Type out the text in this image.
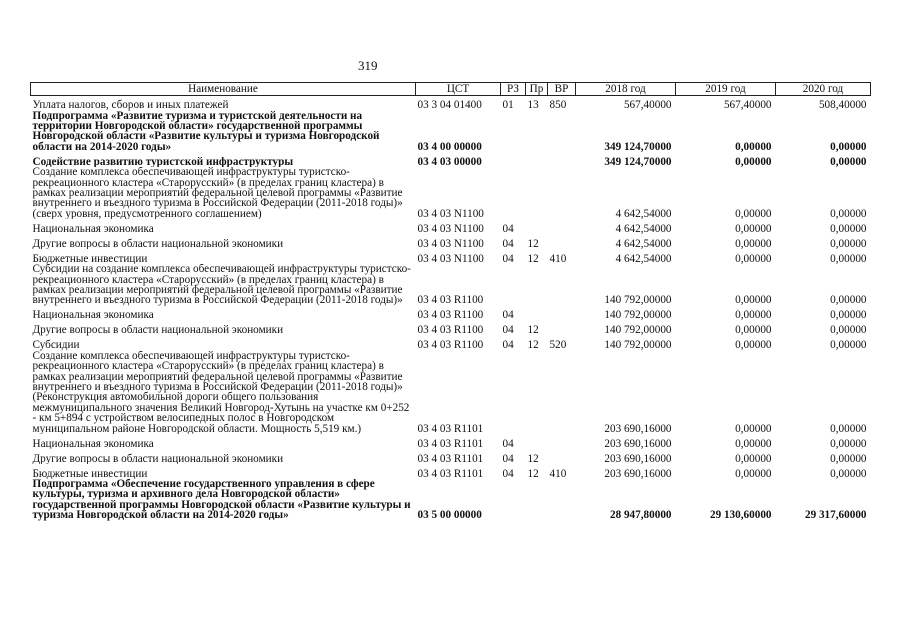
319
Наименование	ЦСТ	РЗ	Пр	ВР	2018 год	2019 год	2020 год
Уплата налогов, сборов и иных платежей	03 3 04 01400	01	13	850	567,40000	567,40000	508,40000
Подпрограмма «Развитие туризма и туристской деятельности на территории Новгородской области» государственной программы Новгородской области «Развитие культуры и туризма Новгородской области на 2014-2020 годы»	03 4 00 00000				349 124,70000	0,00000	0,00000
Содействие развитию туристской инфраструктуры	03 4 03 00000				349 124,70000	0,00000	0,00000
Создание комплекса обеспечивающей инфраструктуры туристско-рекреационного кластера «Старорусский» (в пределах границ кластера) в рамках реализации мероприятий федеральной целевой программы «Развитие внутреннего и въездного туризма в Российской Федерации (2011-2018 годы)» (сверх уровня, предусмотренного соглашением)	03 4 03 N1100				4 642,54000	0,00000	0,00000
Национальная экономика	03 4 03 N1100	04			4 642,54000	0,00000	0,00000
Другие вопросы в области национальной экономики	03 4 03 N1100	04	12		4 642,54000	0,00000	0,00000
Бюджетные инвестиции	03 4 03 N1100	04	12	410	4 642,54000	0,00000	0,00000
Субсидии на создание комплекса обеспечивающей инфраструктуры туристско-рекреационного кластера «Старорусский» (в пределах границ кластера) в рамках реализации мероприятий федеральной целевой программы «Развитие внутреннего и въездного туризма в Российской Федерации (2011-2018 годы)»	03 4 03 R1100				140 792,00000	0,00000	0,00000
Национальная экономика	03 4 03 R1100	04			140 792,00000	0,00000	0,00000
Другие вопросы в области национальной экономики	03 4 03 R1100	04	12		140 792,00000	0,00000	0,00000
Субсидии	03 4 03 R1100	04	12	520	140 792,00000	0,00000	0,00000
Создание комплекса обеспечивающей инфраструктуры туристско-рекреационного кластера «Старорусский» (в пределах границ кластера) в рамках реализации мероприятий федеральной целевой программы «Развитие внутреннего и въездного туризма в Российской Федерации (2011-2018 годы)» (Реконструкция автомобильной дороги общего пользования межмуниципального значения Великий Новгород-Хутынь на участке км 0+252 - км 5+894 с устройством велосипедных полос в Новгородском муниципальном районе Новгородской области. Мощность 5,519 км.)	03 4 03 R1101				203 690,16000	0,00000	0,00000
Национальная экономика	03 4 03 R1101	04			203 690,16000	0,00000	0,00000
Другие вопросы в области национальной экономики	03 4 03 R1101	04	12		203 690,16000	0,00000	0,00000
Бюджетные инвестиции	03 4 03 R1101	04	12	410	203 690,16000	0,00000	0,00000
Подпрограмма «Обеспечение государственного управления в сфере культуры, туризма и архивного дела Новгородской области» государственной программы Новгородской области «Развитие культуры и туризма Новгородской области на 2014-2020 годы»	03 5 00 00000				28 947,80000	29 130,60000	29 317,60000
